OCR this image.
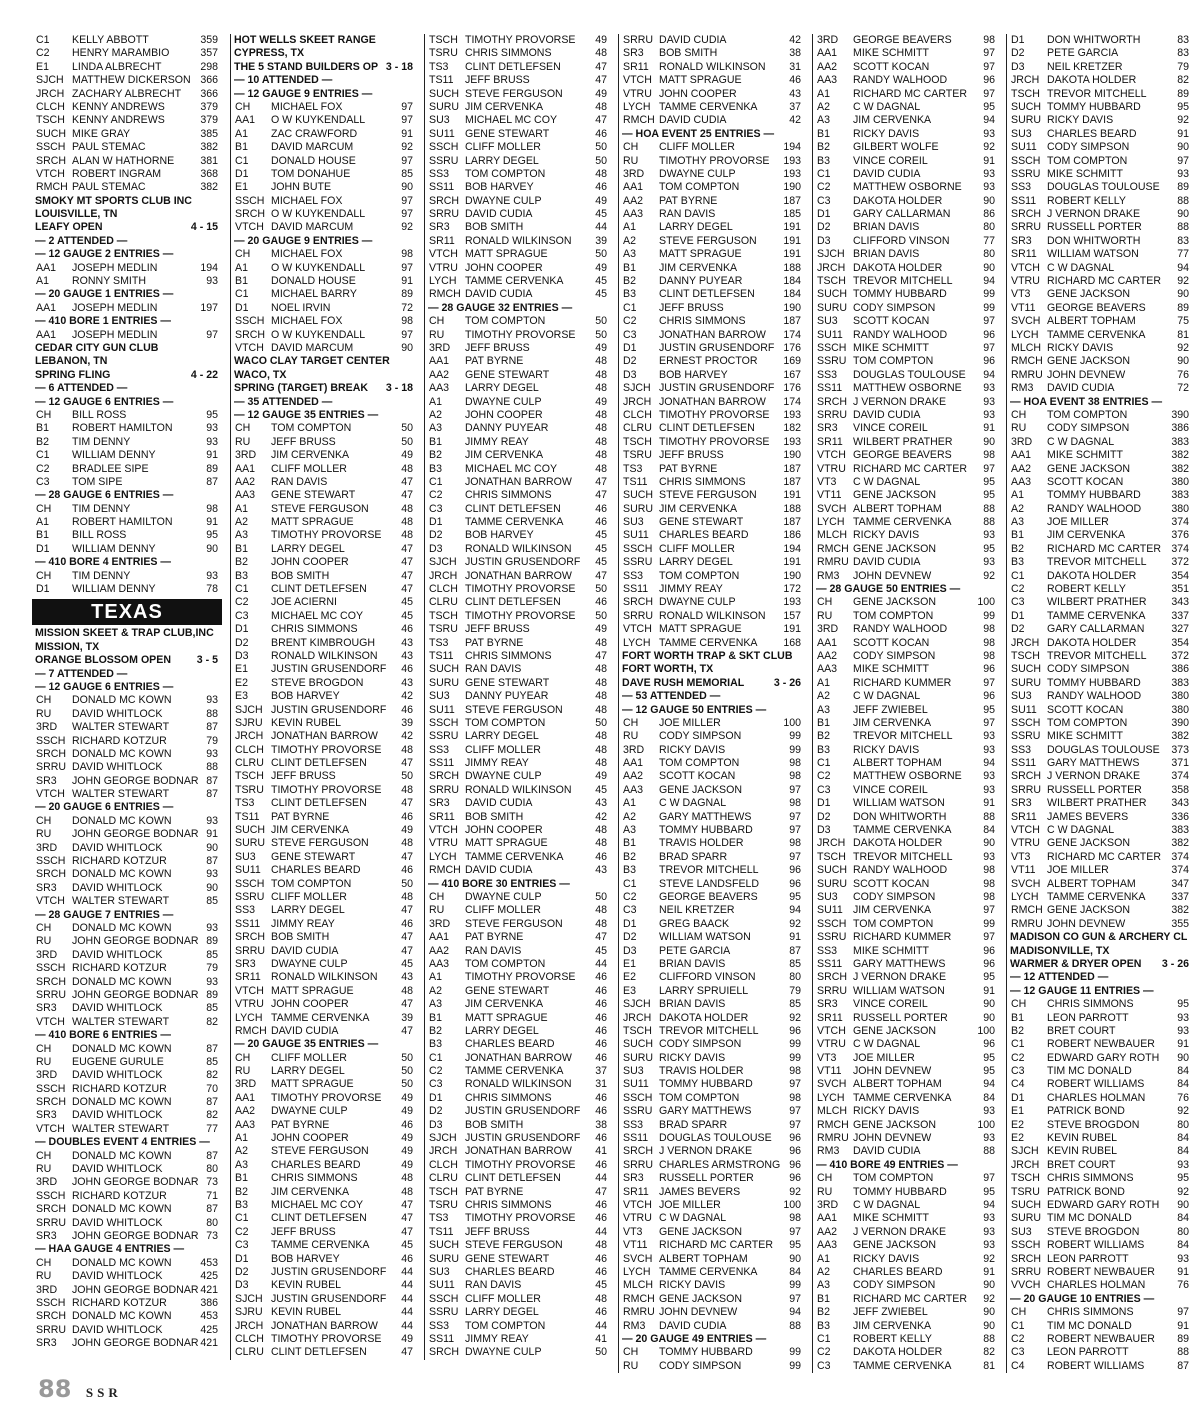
C1 KELLY ABBOTT	359
C2 HENRY MARAMBIO	357
E1 LINDA ALBRECHT	298
SJCH MATTHEW DICKERSON 366
JRCH ZACHARY ALBRECHT 366
CLCH KENNY ANDREWS	379
TSCH KENNY ANDREWS	379
SUCH MIKE GRAY	385
SSCH PAUL STEMAC	382
SRCH ALAN W HATHORNE 381
VTCH ROBERT INGRAM	368
RMCH PAUL STEMAC	382
SMOKY MT SPORTS CLUB INC
LOUISVILLE, TN
LEAFY OPEN	4 - 15
— 2 ATTENDED —
— 12 GAUGE 2 ENTRIES —
AA1 JOSEPH MEDLIN	194
A1 RONNY SMITH	93
— 20 GAUGE 1 ENTRIES —
AA1 JOSEPH MEDLIN	197
— 410 BORE 1 ENTRIES —
AA1 JOSEPH MEDLIN	97
CEDAR CITY GUN CLUB
LEBANON, TN
SPRING FLING	4 - 22
— 6 ATTENDED —
— 12 GAUGE 6 ENTRIES —
CH BILL ROSS	95
B1 ROBERT HAMILTON	93
B2 TIM DENNY	93
C1 WILLIAM DENNY	91
C2 BRADLEE SIPE	89
C3 TOM SIPE	87
— 28 GAUGE 6 ENTRIES —
CH TIM DENNY	98
A1 ROBERT HAMILTON	91
B1 BILL ROSS	95
D1 WILLIAM DENNY	90
— 410 BORE 4 ENTRIES —
CH TIM DENNY	93
D1 WILLIAM DENNY	78
TEXAS
MISSION SKEET & TRAP CLUB,INC
MISSION, TX
ORANGE BLOSSOM OPEN 3 - 5
— 7 ATTENDED —
— 12 GAUGE 6 ENTRIES —
CH DONALD MC KOWN	93
RU DAVID WHITLOCK	88
3RD WALTER STEWART	87
SSCH RICHARD KOTZUR	79
SRCH DONALD MC KOWN	93
SRRU DAVID WHITLOCK	88
SR3 JOHN GEORGE BODNAR 87
VTCH WALTER STEWART	87
— 20 GAUGE 6 ENTRIES —
CH DONALD MC KOWN	93
RU JOHN GEORGE BODNAR 91
3RD DAVID WHITLOCK	90
SSCH RICHARD KOTZUR	87
SRCH DONALD MC KOWN	93
SR3 DAVID WHITLOCK	90
VTCH WALTER STEWART	85
— 28 GAUGE 7 ENTRIES —
CH DONALD MC KOWN	93
RU JOHN GEORGE BODNAR 89
3RD DAVID WHITLOCK	85
SSCH RICHARD KOTZUR	79
SRCH DONALD MC KOWN	93
SRRU JOHN GEORGE BODNAR 89
SR3 DAVID WHITLOCK	85
VTCH WALTER STEWART	82
— 410 BORE 6 ENTRIES —
CH DONALD MC KOWN	87
RU EUGENE GURULE	85
3RD DAVID WHITLOCK	82
SSCH RICHARD KOTZUR	70
SRCH DONALD MC KOWN	87
SR3 DAVID WHITLOCK	82
VTCH WALTER STEWART	77
— DOUBLES EVENT 4 ENTRIES —
CH DONALD MC KOWN	87
RU DAVID WHITLOCK	80
3RD JOHN GEORGE BODNAR 73
SSCH RICHARD KOTZUR	71
SRCH DONALD MC KOWN	87
SRRU DAVID WHITLOCK	80
SR3 JOHN GEORGE BODNAR 73
— HAA GAUGE 4 ENTRIES —
CH DONALD MC KOWN	453
RU DAVID WHITLOCK	425
3RD JOHN GEORGE BODNAR 421
SSCH RICHARD KOTZUR	386
SRCH DONALD MC KOWN	453
SRRU DAVID WHITLOCK	425
SR3 JOHN GEORGE BODNAR 421
HOT WELLS SKEET RANGE
CYPRESS, TX
THE 5 STAND BUILDERS OP 3 - 18
— 10 ATTENDED —
— 12 GAUGE 9 ENTRIES —
CH MICHAEL FOX	97
AA1 O W KUYKENDALL	97
A1 ZAC CRAWFORD	91
B1 DAVID MARCUM	92
C1 DONALD HOUSE	97
D1 TOM DONAHUE	85
E1 JOHN BUTE	90
SSCH MICHAEL FOX	97
SRCH O W KUYKENDALL	97
VTCH DAVID MARCUM	92
— 20 GAUGE 9 ENTRIES —
CH MICHAEL FOX	98
A1 O W KUYKENDALL	97
B1 DONALD HOUSE	91
C1 MICHAEL BARRY	89
D1 NOEL IRVIN	72
SSCH MICHAEL FOX	98
SRCH O W KUYKENDALL	97
VTCH DAVID MARCUM	90
WACO CLAY TARGET CENTER
WACO, TX
SPRING (TARGET) BREAK 3 - 18
— 35 ATTENDED —
— 12 GAUGE 35 ENTRIES —
CH TOM COMPTON	50
RU JEFF BRUSS	50
3RD JIM CERVENKA	49
AA1 CLIFF MOLLER	48
AA2 RAN DAVIS	47
AA3 GENE STEWART	47
A1 STEVE FERGUSON	48
A2 MATT SPRAGUE	48
A3 TIMOTHY PROVORSE 48
B1 LARRY DEGEL	47
B2 JOHN COOPER	47
B3 BOB SMITH	47
C1 CLINT DETLEFSEN	47
C2 JOE ACIERNI	45
C3 MICHAEL MC COY	45
D1 CHRIS SIMMONS	46
D2 BRENT KIMBROUGH 43
D3 RONALD WILKINSON 43
E1 JUSTIN GRUSENDORF 46
E2 STEVE BROGDON	43
E3 BOB HARVEY	42
SJCH JUSTIN GRUSENDORF 46
SJRU KEVIN RUBEL	39
JRCH JONATHAN BARROW 42
CLCH TIMOTHY PROVORSE 48
CLRU CLINT DETLEFSEN	47
TSCH JEFF BRUSS	50
TSRU TIMOTHY PROVORSE 48
TS3 CLINT DETLEFSEN	47
TS11 PAT BYRNE	46
SUCH JIM CERVENKA	49
SURU STEVE FERGUSON	48
SU3 GENE STEWART	47
SU11 CHARLES BEARD	46
SSCH TOM COMPTON	50
SSRU CLIFF MOLLER	48
SS3 LARRY DEGEL	47
SS11 JIMMY REAY	46
SRCH BOB SMITH	47
SRRU DAVID CUDIA	47
SR3 DWAYNE CULP	45
SR11 RONALD WILKINSON 43
VTCH MATT SPRAGUE	48
VTRU JOHN COOPER	47
LYCH TAMME CERVENKA	39
RMCH DAVID CUDIA	47
— 20 GAUGE 35 ENTRIES —
CH CLIFF MOLLER	50
RU LARRY DEGEL	50
3RD MATT SPRAGUE	50
AA1 TIMOTHY PROVORSE 49
AA2 DWAYNE CULP	49
AA3 PAT BYRNE	46
A1 JOHN COOPER	49
A2 STEVE FERGUSON	49
A3 CHARLES BEARD	49
B1 CHRIS SIMMONS	48
B2 JIM CERVENKA	48
B3 MICHAEL MC COY	47
C1 CLINT DETLEFSEN	47
C2 JEFF BRUSS	47
C3 TAMME CERVENKA	45
D1 BOB HARVEY	46
D2 JUSTIN GRUSENDORF 44
D3 KEVIN RUBEL	44
SJCH JUSTIN GRUSENDORF 44
SJRU KEVIN RUBEL	44
JRCH JONATHAN BARROW 44
CLCH TIMOTHY PROVORSE 49
CLRU CLINT DETLEFSEN	47
TSCH TIMOTHY PROVORSE 49
TSRU CHRIS SIMMONS	48
TS3 CLINT DETLEFSEN	47
TS11 JEFF BRUSS	47
SUCH STEVE FERGUSON	49
SURU JIM CERVENKA	48
SU3 MICHAEL MC COY	47
SU11 GENE STEWART	46
SSCH CLIFF MOLLER	50
SSRU LARRY DEGEL	50
SS3 TOM COMPTON	48
SS11 BOB HARVEY	46
SRCH DWAYNE CULP	49
SRRU DAVID CUDIA	45
SR3 BOB SMITH	44
SR11 RONALD WILKINSON 39
VTCH MATT SPRAGUE	50
VTRU JOHN COOPER	49
LYCH TAMME CERVENKA	45
RMCH DAVID CUDIA	45
— 28 GAUGE 32 ENTRIES —
CH TOM COMPTON	50
RU TIMOTHY PROVORSE 50
3RD JEFF BRUSS	49
AA1 PAT BYRNE	48
AA2 GENE STEWART	48
AA3 LARRY DEGEL	48
A1 DWAYNE CULP	49
A2 JOHN COOPER	48
A3 DANNY PUYEAR	48
B1 JIMMY REAY	48
B2 JIM CERVENKA	48
B3 MICHAEL MC COY	48
C1 JONATHAN BARROW 47
C2 CHRIS SIMMONS	47
C3 CLINT DETLEFSEN	46
D1 TAMME CERVENKA	46
D2 BOB HARVEY	45
D3 RONALD WILKINSON 45
SJCH JUSTIN GRUSENDORF 45
JRCH JONATHAN BARROW 47
CLCH TIMOTHY PROVORSE 50
CLRU CLINT DETLEFSEN	46
TSCH TIMOTHY PROVORSE 50
TSRU JEFF BRUSS	49
TS3 PAT BYRNE	48
TS11 CHRIS SIMMONS	47
SUCH RAN DAVIS	48
SURU GENE STEWART	48
SU3 DANNY PUYEAR	48
SU11 STEVE FERGUSON	48
SSCH TOM COMPTON	50
SSRU LARRY DEGEL	48
SS3 CLIFF MOLLER	48
SS11 JIMMY REAY	48
SRCH DWAYNE CULP	49
SRRU RONALD WILKINSON 45
SR3 DAVID CUDIA	43
SR11 BOB SMITH	42
VTCH JOHN COOPER	48
VTRU MATT SPRAGUE	48
LYCH TAMME CERVENKA	46
RMCH DAVID CUDIA	43
— 410 BORE 30 ENTRIES —
CH DWAYNE CULP	50
RU CLIFF MOLLER	48
3RD STEVE FERGUSON	48
AA1 PAT BYRNE	47
AA2 RAN DAVIS	45
AA3 TOM COMPTON	44
A1 TIMOTHY PROVORSE 46
A2 GENE STEWART	46
A3 JIM CERVENKA	46
B1 MATT SPRAGUE	46
B2 LARRY DEGEL	46
B3 CHARLES BEARD	46
C1 JONATHAN BARROW 46
C2 TAMME CERVENKA	37
C3 RONALD WILKINSON 31
D1 CHRIS SIMMONS	46
D2 JUSTIN GRUSENDORF 46
D3 BOB SMITH	38
SJCH JUSTIN GRUSENDORF 46
JRCH JONATHAN BARROW 41
CLCH TIMOTHY PROVORSE 46
CLRU CLINT DETLEFSEN	44
TSCH PAT BYRNE	47
TSRU CHRIS SIMMONS	46
TS3 TIMOTHY PROVORSE 46
TS11 JEFF BRUSS	44
SUCH STEVE FERGUSON	48
SURU GENE STEWART	46
SU3 CHARLES BEARD	46
SU11 RAN DAVIS	45
SSCH CLIFF MOLLER	48
SSRU LARRY DEGEL	46
SS3 TOM COMPTON	44
SS11 JIMMY REAY	41
SRCH DWAYNE CULP	50
SRRU DAVID CUDIA	42
SR3 BOB SMITH	38
SR11 RONALD WILKINSON 31
VTCH MATT SPRAGUE	46
VTRU JOHN COOPER	43
LYCH TAMME CERVENKA	37
RMCH DAVID CUDIA	42
— HOA EVENT 25 ENTRIES —
CH CLIFF MOLLER	194
RU TIMOTHY PROVORSE 193
3RD DWAYNE CULP	193
AA1 TOM COMPTON	190
AA2 PAT BYRNE	187
AA3 RAN DAVIS	185
A1 LARRY DEGEL	191
A2 STEVE FERGUSON	191
A3 MATT SPRAGUE	191
B1 JIM CERVENKA	188
B2 DANNY PUYEAR	184
B3 CLINT DETLEFSEN	184
C1 JEFF BRUSS	190
C2 CHRIS SIMMONS	187
C3 JONATHAN BARROW 174
D1 JUSTIN GRUSENDORF 176
D2 ERNEST PROCTOR 169
D3 BOB HARVEY	167
SJCH JUSTIN GRUSENDORF 176
JRCH JONATHAN BARROW 174
CLCH TIMOTHY PROVORSE 193
CLRU CLINT DETLEFSEN	182
TSCH TIMOTHY PROVORSE 193
TSRU JEFF BRUSS	190
TS3 PAT BYRNE	187
TS11 CHRIS SIMMONS	187
SUCH STEVE FERGUSON	191
SURU JIM CERVENKA	188
SU3 GENE STEWART	187
SU11 CHARLES BEARD	186
SSCH CLIFF MOLLER	194
SSRU LARRY DEGEL	191
SS3 TOM COMPTON	190
SS11 JIMMY REAY	172
SRCH DWAYNE CULP	193
SRRU RONALD WILKINSON 157
VTCH MATT SPRAGUE	191
LYCH TAMME CERVENKA 168
FORT WORTH TRAP & SKT CLUB
FORT WORTH, TX
DAVE RUSH MEMORIAL	3 - 26
— 53 ATTENDED —
— 12 GAUGE 50 ENTRIES —
CH JOE MILLER	100
RU CODY SIMPSON	99
3RD RICKY DAVIS	99
AA1 TOM COMPTON	98
AA2 SCOTT KOCAN	98
AA3 GENE JACKSON	97
A1 C W DAGNAL	98
A2 GARY MATTHEWS	97
A3 TOMMY HUBBARD	97
B1 TRAVIS HOLDER	98
B2 BRAD SPARR	97
B3 TREVOR MITCHELL	96
C1 STEVE LANDSFELD	96
C2 GEORGE BEAVERS	95
C3 NEIL KRETZER	94
D1 GREG BAACK	92
D2 WILLIAM WATSON	91
D3 PETE GARCIA	87
E1 BRIAN DAVIS	85
E2 CLIFFORD VINSON	80
E3 LARRY SPRUIELL	79
SJCH BRIAN DAVIS	85
JRCH DAKOTA HOLDER	92
TSCH TREVOR MITCHELL	96
SUCH CODY SIMPSON	99
SURU RICKY DAVIS	99
SU3 TRAVIS HOLDER	98
SU11 TOMMY HUBBARD	97
SSCH TOM COMPTON	98
SSRU GARY MATTHEWS	97
SS3 BRAD SPARR	97
SS11 DOUGLAS TOULOUSE 96
SRCH J VERNON DRAKE	96
SRRU CHARLES ARMSTRONG 96
SR3 RUSSELL PORTER	96
SR11 JAMES BEVERS	92
VTCH JOE MILLER	100
VTRU C W DAGNAL	98
VT3 GENE JACKSON	97
VT11 RICHARD MC CARTER 95
SVCH ALBERT TOPHAM	90
LYCH TAMME CERVENKA	84
MLCH RICKY DAVIS	99
RMCH GENE JACKSON	97
RMRU JOHN DEVNEW	94
RM3 DAVID CUDIA	88
— 20 GAUGE 49 ENTRIES —
CH TOMMY HUBBARD	99
RU CODY SIMPSON	99
3RD GEORGE BEAVERS	98
AA1 MIKE SCHMITT	97
AA2 SCOTT KOCAN	97
AA3 RANDY WALHOOD	96
A1 RICHARD MC CARTER 97
A2 C W DAGNAL	95
A3 JIM CERVENKA	94
B1 RICKY DAVIS	93
B2 GILBERT WOLFE	92
B3 VINCE COREIL	91
C1 DAVID CUDIA	93
C2 MATTHEW OSBORNE 93
C3 DAKOTA HOLDER	90
D1 GARY CALLARMAN	86
D2 BRIAN DAVIS	80
D3 CLIFFORD VINSON	77
SJCH BRIAN DAVIS	80
JRCH DAKOTA HOLDER	90
TSCH TREVOR MITCHELL	94
SUCH TOMMY HUBBARD	99
SURU CODY SIMPSON	99
SU3 SCOTT KOCAN	97
SU11 RANDY WALHOOD	96
SSCH MIKE SCHMITT	97
SSRU TOM COMPTON	96
SS3 DOUGLAS TOULOUSE 94
SS11 MATTHEW OSBORNE 93
SRCH J VERNON DRAKE	93
SRRU DAVID CUDIA	93
SR3 VINCE COREIL	91
SR11 WILBERT PRATHER	90
VTCH GEORGE BEAVERS	98
VTRU RICHARD MC CARTER 97
VT3 C W DAGNAL	95
VT11 GENE JACKSON	95
SVCH ALBERT TOPHAM	88
LYCH TAMME CERVENKA	88
MLCH RICKY DAVIS	93
RMCH GENE JACKSON	95
RMRU DAVID CUDIA	93
RM3 JOHN DEVNEW	92
— 28 GAUGE 50 ENTRIES —
CH GENE JACKSON	100
RU TOM COMPTON	99
3RD RANDY WALHOOD	98
AA1 SCOTT KOCAN	98
AA2 CODY SIMPSON	98
AA3 MIKE SCHMITT	96
A1 RICHARD KUMMER	97
A2 C W DAGNAL	96
A3 JEFF ZWIEBEL	95
B1 JIM CERVENKA	97
B2 TREVOR MITCHELL	93
B3 RICKY DAVIS	93
C1 ALBERT TOPHAM	94
C2 MATTHEW OSBORNE 93
C3 VINCE COREIL	93
D1 WILLIAM WATSON	91
D2 DON WHITWORTH	88
D3 TAMME CERVENKA	84
JRCH DAKOTA HOLDER	90
TSCH TREVOR MITCHELL	93
SUCH RANDY WALHOOD	98
SURU SCOTT KOCAN	98
SU3 CODY SIMPSON	98
SU11 JIM CERVENKA	97
SSCH TOM COMPTON	99
SSRU RICHARD KUMMER	97
SS3 MIKE SCHMITT	96
SS11 GARY MATTHEWS	96
SRCH J VERNON DRAKE	95
SRRU WILLIAM WATSON	91
SR3 VINCE COREIL	90
SR11 RUSSELL PORTER	90
VTCH GENE JACKSON	100
VTRU C W DAGNAL	96
VT3 JOE MILLER	95
VT11 JOHN DEVNEW	95
SVCH ALBERT TOPHAM	94
LYCH TAMME CERVENKA	84
MLCH RICKY DAVIS	93
RMCH GENE JACKSON	100
RMRU JOHN DEVNEW	93
RM3 DAVID CUDIA	88
— 410 BORE 49 ENTRIES —
CH TOM COMPTON	97
RU TOMMY HUBBARD	95
3RD C W DAGNAL	94
AA1 MIKE SCHMITT	93
AA2 J VERNON DRAKE	93
AA3 GENE JACKSON	93
A1 RICKY DAVIS	92
A2 CHARLES BEARD	91
A3 CODY SIMPSON	90
B1 RICHARD MC CARTER 92
B2 JEFF ZWIEBEL	90
B3 JIM CERVENKA	90
C1 ROBERT KELLY	88
C2 DAKOTA HOLDER	82
C3 TAMME CERVENKA	81
D1 DON WHITWORTH	83
D2 PETE GARCIA	83
D3 NEIL KRETZER	79
JRCH DAKOTA HOLDER	82
TSCH TREVOR MITCHELL	89
SUCH TOMMY HUBBARD	95
SURU RICKY DAVIS	92
SU3 CHARLES BEARD	91
SU11 CODY SIMPSON	90
SSCH TOM COMPTON	97
SSRU MIKE SCHMITT	93
SS3 DOUGLAS TOULOUSE 89
SS11 ROBERT KELLY	88
SRCH J VERNON DRAKE	90
SRRU RUSSELL PORTER	88
SR3 DON WHITWORTH	83
SR11 WILLIAM WATSON	77
VTCH C W DAGNAL	94
VTRU RICHARD MC CARTER 92
VT3 GENE JACKSON	90
VT11 GEORGE BEAVERS	89
SVCH ALBERT TOPHAM	75
LYCH TAMME CERVENKA	81
MLCH RICKY DAVIS	92
RMCH GENE JACKSON	90
RMRU JOHN DEVNEW	76
RM3 DAVID CUDIA	72
— HOA EVENT 38 ENTRIES —
CH TOM COMPTON	390
RU CODY SIMPSON	386
3RD C W DAGNAL	383
AA1 MIKE SCHMITT	382
AA2 GENE JACKSON	382
AA3 SCOTT KOCAN	380
A1 TOMMY HUBBARD	383
A2 RANDY WALHOOD	380
A3 JOE MILLER	374
B1 JIM CERVENKA	376
B2 RICHARD MC CARTER 374
B3 TREVOR MITCHELL 372
C1 DAKOTA HOLDER	354
C2 ROBERT KELLY	351
C3 WILBERT PRATHER 343
D1 TAMME CERVENKA 337
D2 GARY CALLARMAN	327
JRCH DAKOTA HOLDER	354
TSCH TREVOR MITCHELL 372
SUCH CODY SIMPSON	386
SURU TOMMY HUBBARD	383
SU3 RANDY WALHOOD	380
SU11 SCOTT KOCAN	380
SSCH TOM COMPTON	390
SSRU MIKE SCHMITT	382
SS3 DOUGLAS TOULOUSE 373
SS11 GARY MATTHEWS	371
SRCH J VERNON DRAKE	374
SRRU RUSSELL PORTER	358
SR3 WILBERT PRATHER 343
SR11 JAMES BEVERS	336
VTCH C W DAGNAL	383
VTRU GENE JACKSON	382
VT3 RICHARD MC CARTER 374
VT11 JOE MILLER	374
SVCH ALBERT TOPHAM	347
LYCH TAMME CERVENKA 337
RMCH GENE JACKSON	382
RMRU JOHN DEVNEW	355
MADISON CO GUN & ARCHERY CL
MADISONVILLE, TX
WARMER & DRYER OPEN 3 - 26
— 12 ATTENDED —
— 12 GAUGE 11 ENTRIES —
CH CHRIS SIMMONS	95
B1 LEON PARROTT	93
B2 BRET COURT	93
C1 ROBERT NEWBAUER 91
C2 EDWARD GARY ROTH 90
C3 TIM MC DONALD	84
C4 ROBERT WILLIAMS	84
D1 CHARLES HOLMAN	76
E1 PATRICK BOND	92
E2 STEVE BROGDON	80
E2 KEVIN RUBEL	84
SJCH KEVIN RUBEL	84
JRCH BRET COURT	93
TSCH CHRIS SIMMONS	95
TSRU PATRICK BOND	92
SUCH EDWARD GARY ROTH 90
SURU TIM MC DONALD	84
SU3 STEVE BROGDON	80
SSCH ROBERT WILLIAMS	84
SRCH LEON PARROTT	93
SRRU ROBERT NEWBAUER 91
VVCH CHARLES HOLMAN	76
— 20 GAUGE 10 ENTRIES —
CH CHRIS SIMMONS	97
C1 TIM MC DONALD	91
C2 ROBERT NEWBAUER 89
C3 LEON PARROTT	88
C4 ROBERT WILLIAMS	87
88 SSR
